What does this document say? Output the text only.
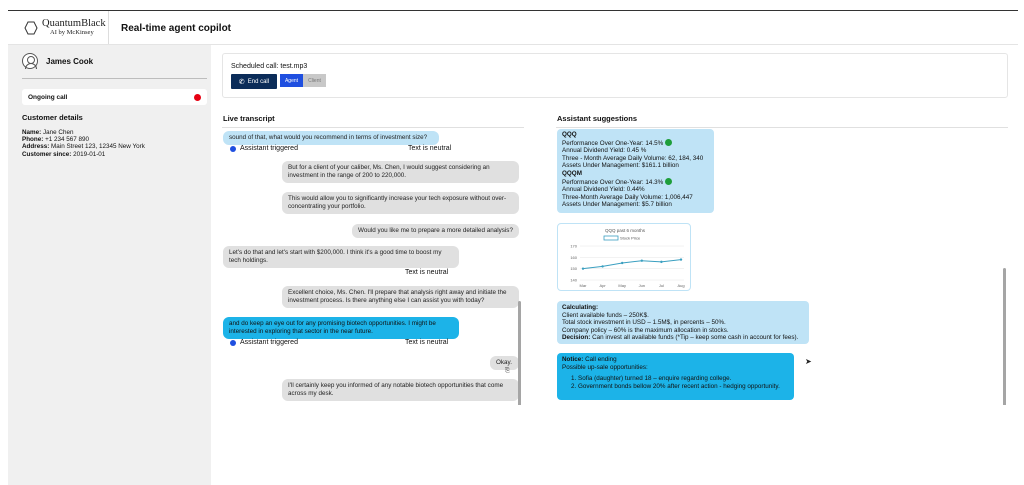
QuantumBlack
AI by McKinsey	Real-time agent copilot
James Cook
Ongoing call
Customer details
Name: Jane Chen
Phone: +1 234 567 890
Address: Main Street 123, 12345 New York
Customer since: 2019-01-01
Scheduled call: test.mp3
✆ End call	Agent	Client
Live transcript	Assistant suggestions
sound of that, what would you recommend in terms of investment size?
Assistant triggered	Text is neutral
But for a client of your caliber, Ms. Chen, I would suggest considering an investment in the range of 200 to 220,000.
This would allow you to significantly increase your tech exposure without over-concentrating your portfolio.
Would you like me to prepare a more detailed analysis?
Let's do that and let's start with $200,000. I think it's a good time to boost my tech holdings.
Text is neutral
Excellent choice, Ms. Chen. I'll prepare that analysis right away and initiate the investment process. Is there anything else I can assist you with today?
and do keep an eye out for any promising biotech opportunities. I might be interested in exploring that sector in the near future.
Assistant triggered	Text is neutral
Okay.
⎘
I'll certainly keep you informed of any notable biotech opportunities that come across my desk.
QQQ
Performance Over One-Year: 14.5%
Annual Dividend Yield: 0.45 %
Three - Month Average Daily Volume: 62, 184, 340
Assets Under Management: $161.1 billion
QQQM
Performance Over One-Year: 14.3%
Annual Dividend Yield: 0.44%
Three-Month Average Daily Volume: 1,006,447
Assets Under Management: $5.7 billion
QQQ past 6 months
Stock Price
140
150
160
170
Mar	Apr	May	Jun	Jul	Aug
Calculating:
Client available funds – 250K$.
Total stock investment in USD – 1.5M$, in percents – 50%.
Company policy – 60% is the maximum allocation in stocks.
Decision: Can invest all available funds (*Tip – keep some cash in account for fees).
Notice: Call ending
Possible up-sale opportunities:
1. Sofia (daughter) turned 18 – enquire regarding college.
2. Government bonds bellow 20% after recent action - hedging opportunity.
➤
